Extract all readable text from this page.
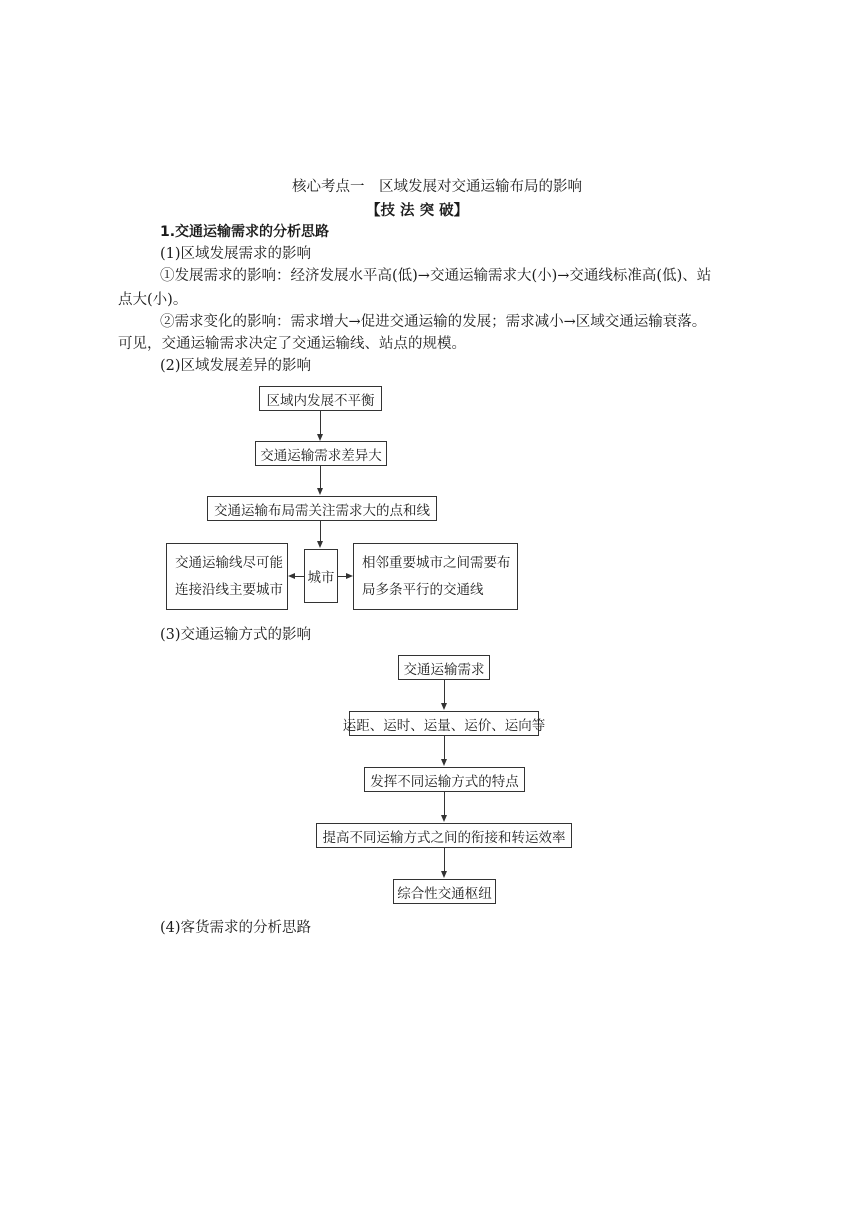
核心考点一　区域发展对交通运输布局的影响
【技 法 突 破】
1.交通运输需求的分析思路
(1)区域发展需求的影响
①发展需求的影响：经济发展水平高(低)→交通运输需求大(小)→交通线标准高(低)、站
点大(小)。
②需求变化的影响：需求增大→促进交通运输的发展；需求减小→区域交通运输衰落。
可见，交通运输需求决定了交通运输线、站点的规模。
(2)区域发展差异的影响
区域内发展不平衡
交通运输需求差异大
交通运输布局需关注需求大的点和线
城市
交通运输线尽可能
连接沿线主要城市
相邻重要城市之间需要布
局多条平行的交通线
(3)交通运输方式的影响
交通运输需求
运距、运时、运量、运价、运向等
发挥不同运输方式的特点
提高不同运输方式之间的衔接和转运效率
综合性交通枢纽
(4)客货需求的分析思路
